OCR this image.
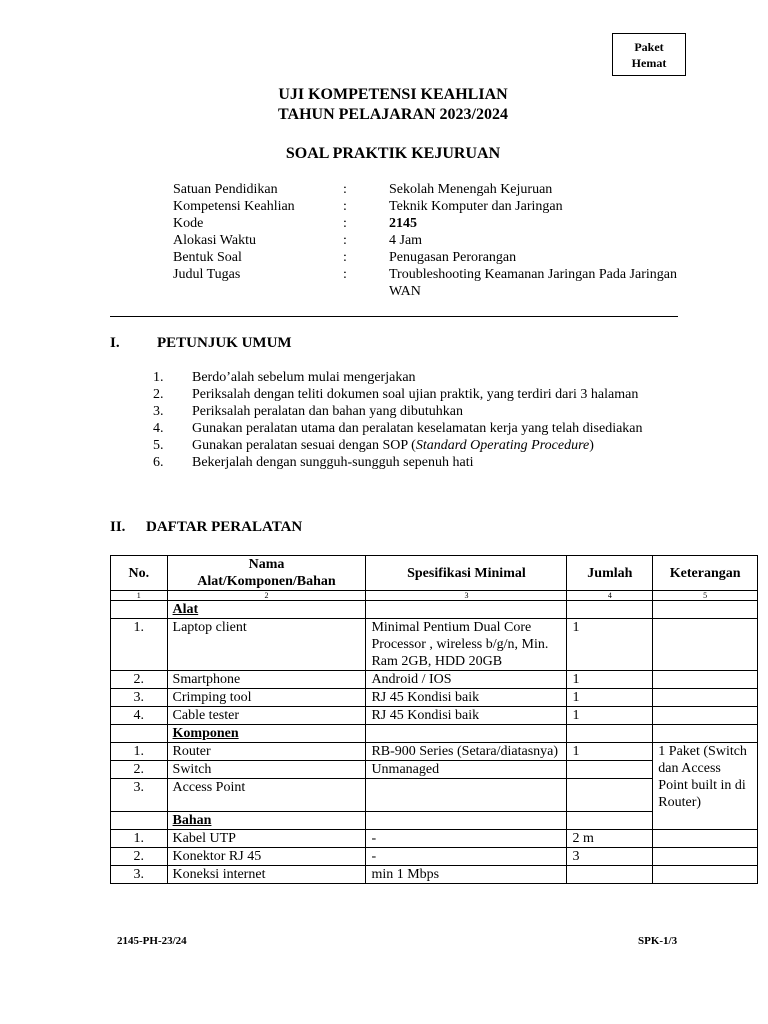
Paket
Hemat
UJI KOMPETENSI KEAHLIAN
TAHUN PELAJARAN 2023/2024
SOAL PRAKTIK KEJURUAN
Satuan Pendidikan	:	Sekolah Menengah Kejuruan
Kompetensi Keahlian	:	Teknik Komputer dan Jaringan
Kode	:	2145
Alokasi Waktu	:	4 Jam
Bentuk Soal	:	Penugasan Perorangan
Judul Tugas	:	Troubleshooting Keamanan Jaringan Pada Jaringan WAN
I. PETUNJUK UMUM
1. Berdo’alah sebelum mulai mengerjakan
2. Periksalah dengan teliti dokumen soal ujian praktik, yang terdiri dari 3 halaman
3. Periksalah peralatan dan bahan yang dibutuhkan
4. Gunakan peralatan utama dan peralatan keselamatan kerja yang telah disediakan
5. Gunakan peralatan sesuai dengan SOP (Standard Operating Procedure)
6. Bekerjalah dengan sungguh-sungguh sepenuh hati
II. DAFTAR PERALATAN
No.	Nama Alat/Komponen/Bahan	Spesifikasi Minimal	Jumlah	Keterangan
1	2	3	4	5
	Alat			
1.	Laptop client	Minimal Pentium Dual Core Processor , wireless b/g/n, Min. Ram 2GB, HDD 20GB	1	
2.	Smartphone	Android / IOS	1	
3.	Crimping tool	RJ 45 Kondisi baik	1	
4.	Cable tester	RJ 45 Kondisi baik	1	
	Komponen			
1.	Router	RB-900 Series (Setara/diatasnya)	1	1 Paket (Switch dan Access Point built in di Router)
2.	Switch	Unmanaged		
3.	Access Point			
	Bahan			
1.	Kabel UTP	-	2 m	
2.	Konektor RJ 45	-	3	
3.	Koneksi internet	min 1 Mbps		
2145-PH-23/24	SPK-1/3
